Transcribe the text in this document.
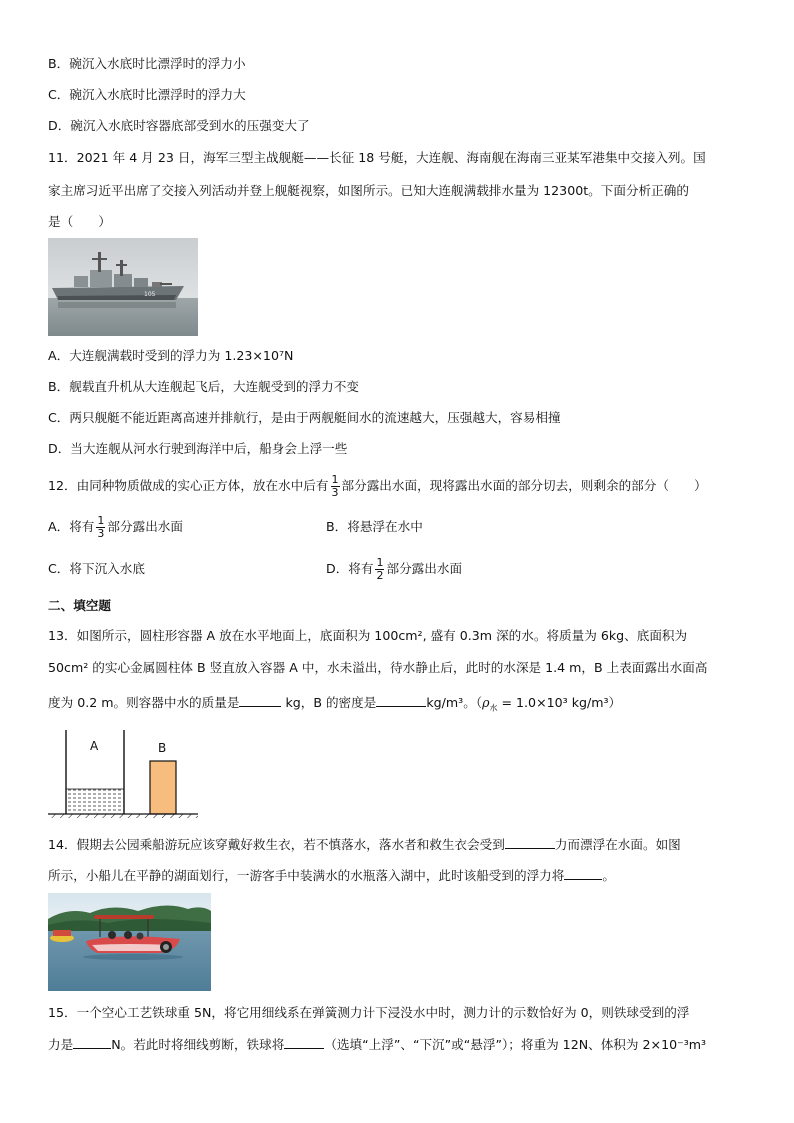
B．碗沉入水底时比漂浮时的浮力小
C．碗沉入水底时比漂浮时的浮力大
D．碗沉入水底时容器底部受到水的压强变大了
11．2021 年 4 月 23 日，海军三型主战舰艇——长征 18 号艇，大连舰、海南舰在海南三亚某军港集中交接入列。国
家主席习近平出席了交接入列活动并登上舰艇视察，如图所示。已知大连舰满载排水量为 12300t。下面分析正确的
是（　　）
105
A．大连舰满载时受到的浮力为 1.23×10⁷N
B．舰载直升机从大连舰起飞后，大连舰受到的浮力不变
C．两只舰艇不能近距离高速并排航行，是由于两舰艇间水的流速越大，压强越大，容易相撞
D．当大连舰从河水行驶到海洋中后，船身会上浮一些
12．由同种物质做成的实心正方体，放在水中后有 $\frac{1}{3}$ 部分露出水面，现将露出水面的部分切去，则剩余的部分（　　）
A．将有 $\frac{1}{3}$ 部分露出水面	B．将悬浮在水中
C．将下沉入水底	D．将有 $\frac{1}{2}$ 部分露出水面
二、填空题
13．如图所示，圆柱形容器 A 放在水平地面上，底面积为 100cm², 盛有 0.3m 深的水。将质量为 6kg、底面积为
50cm² 的实心金属圆柱体 B 竖直放入容器 A 中，水未溢出，待水静止后，此时的水深是 1.4 m，B 上表面露出水面高
度为 0.2 m。则容器中水的质量是	kg，B 的密度是	kg/m³。（$\rho_水 = 1.0\times 10^3$ kg/m³）
A	B
14．假期去公园乘船游玩应该穿戴好救生衣，若不慎落水，落水者和救生衣会受到	力而漂浮在水面。如图
所示，小船儿在平静的湖面划行，一游客手中装满水的水瓶落入湖中，此时该船受到的浮力将	。
15．一个空心工艺铁球重 5N，将它用细线系在弹簧测力计下浸没水中时，测力计的示数恰好为 0，则铁球受到的浮
力是	N。若此时将细线剪断，铁球将	（选填“上浮”、“下沉”或“悬浮”）；将重为 12N、体积为 2×10⁻³m³
